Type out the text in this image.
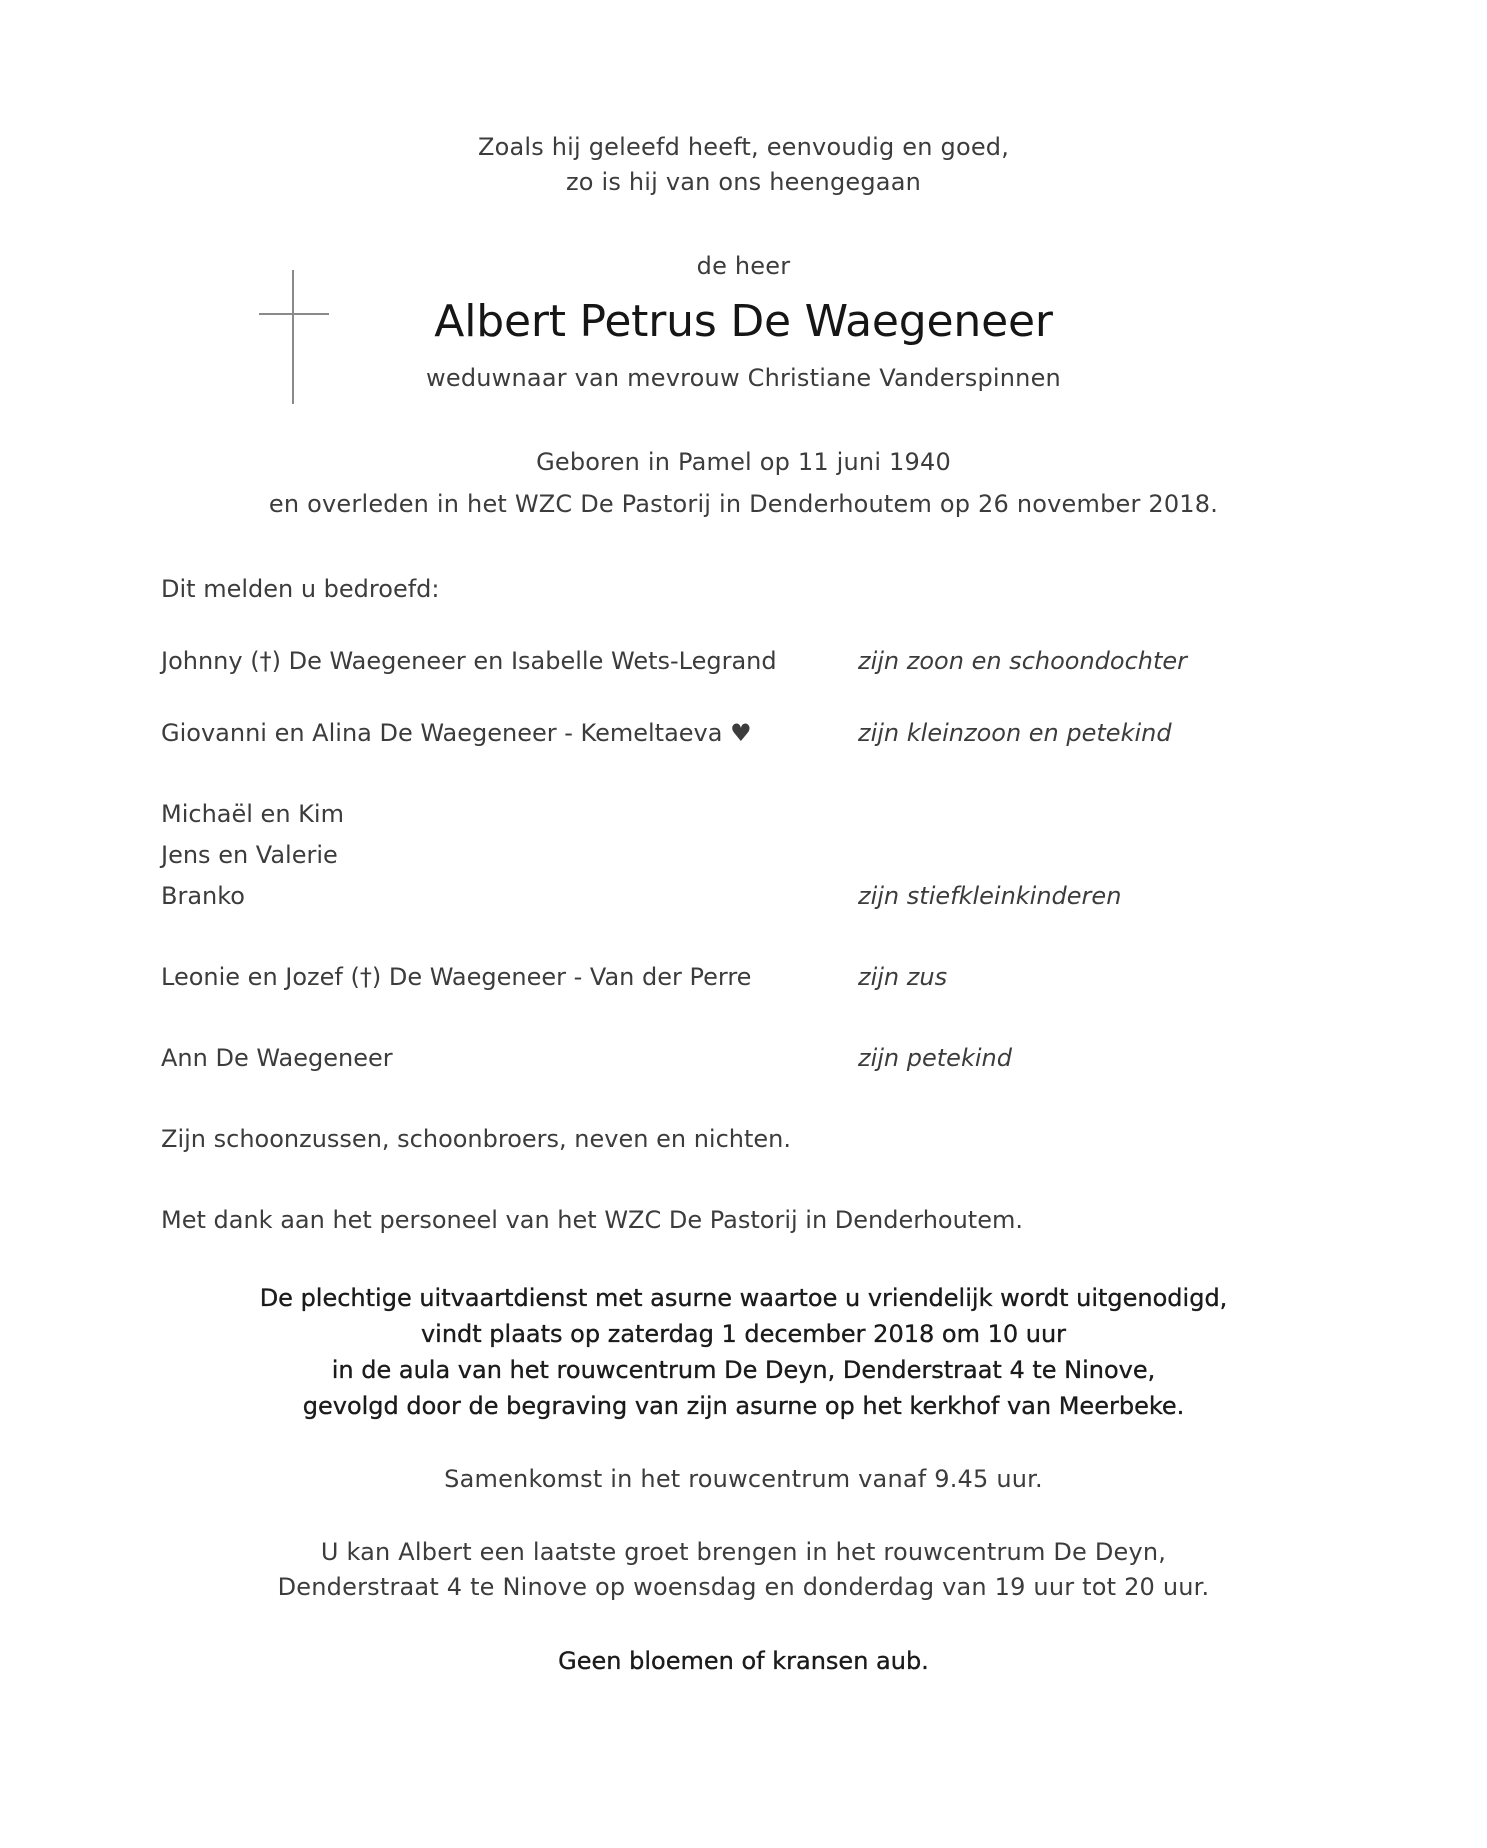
Zoals hij geleefd heeft, eenvoudig en goed,
zo is hij van ons heengegaan
de heer
Albert Petrus De Waegeneer
weduwnaar van mevrouw Christiane Vanderspinnen
Geboren in Pamel op 11 juni 1940
en overleden in het WZC De Pastorij in Denderhoutem op 26 november 2018.
Dit melden u bedroefd:
Johnny (†) De Waegeneer en Isabelle Wets-Legrand	zijn zoon en schoondochter
Giovanni en Alina De Waegeneer - Kemeltaeva ♥	zijn kleinzoon en petekind
Michaël en Kim
Jens en Valerie
Branko	zijn stiefkleinkinderen
Leonie en Jozef (†) De Waegeneer - Van der Perre	zijn zus
Ann De Waegeneer	zijn petekind
Zijn schoonzussen, schoonbroers, neven en nichten.
Met dank aan het personeel van het WZC De Pastorij in Denderhoutem.
De plechtige uitvaartdienst met asurne waartoe u vriendelijk wordt uitgenodigd,
vindt plaats op zaterdag 1 december 2018 om 10 uur
in de aula van het rouwcentrum De Deyn, Denderstraat 4 te Ninove,
gevolgd door de begraving van zijn asurne op het kerkhof van Meerbeke.
Samenkomst in het rouwcentrum vanaf 9.45 uur.
U kan Albert een laatste groet brengen in het rouwcentrum De Deyn,
Denderstraat 4 te Ninove op woensdag en donderdag van 19 uur tot 20 uur.
Geen bloemen of kransen aub.
